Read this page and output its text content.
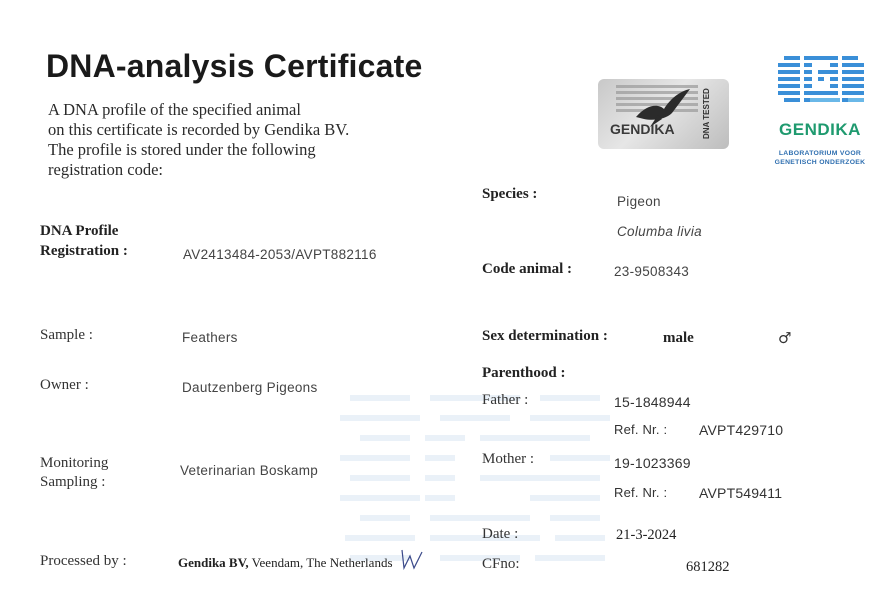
DNA-analysis Certificate
A DNA profile of the specified animal
on this certificate is recorded by Gendika BV.
The profile is stored under the following
registration code:
GENDIKA	DNA TESTED	GENDIKA
LABORATORIUM VOOR
GENETISCH ONDERZOEK
DNA Profile
Registration :	AV2413484-2053/AVPT882116
Sample :	Feathers
Owner :	Dautzenberg Pigeons
Monitoring
Sampling :
Veterinarian Boskamp
Processed by :	Gendika BV, Veendam, The Netherlands
Species :	Pigeon
Columba livia
Code animal :	23-9508343
Sex determination :	male	♂
Parenthood :
Father :	15-1848944
Ref. Nr. : AVPT429710
Mother :	19-1023369
Ref. Nr. : AVPT549411
Date :	21-3-2024
CFno:	681282
